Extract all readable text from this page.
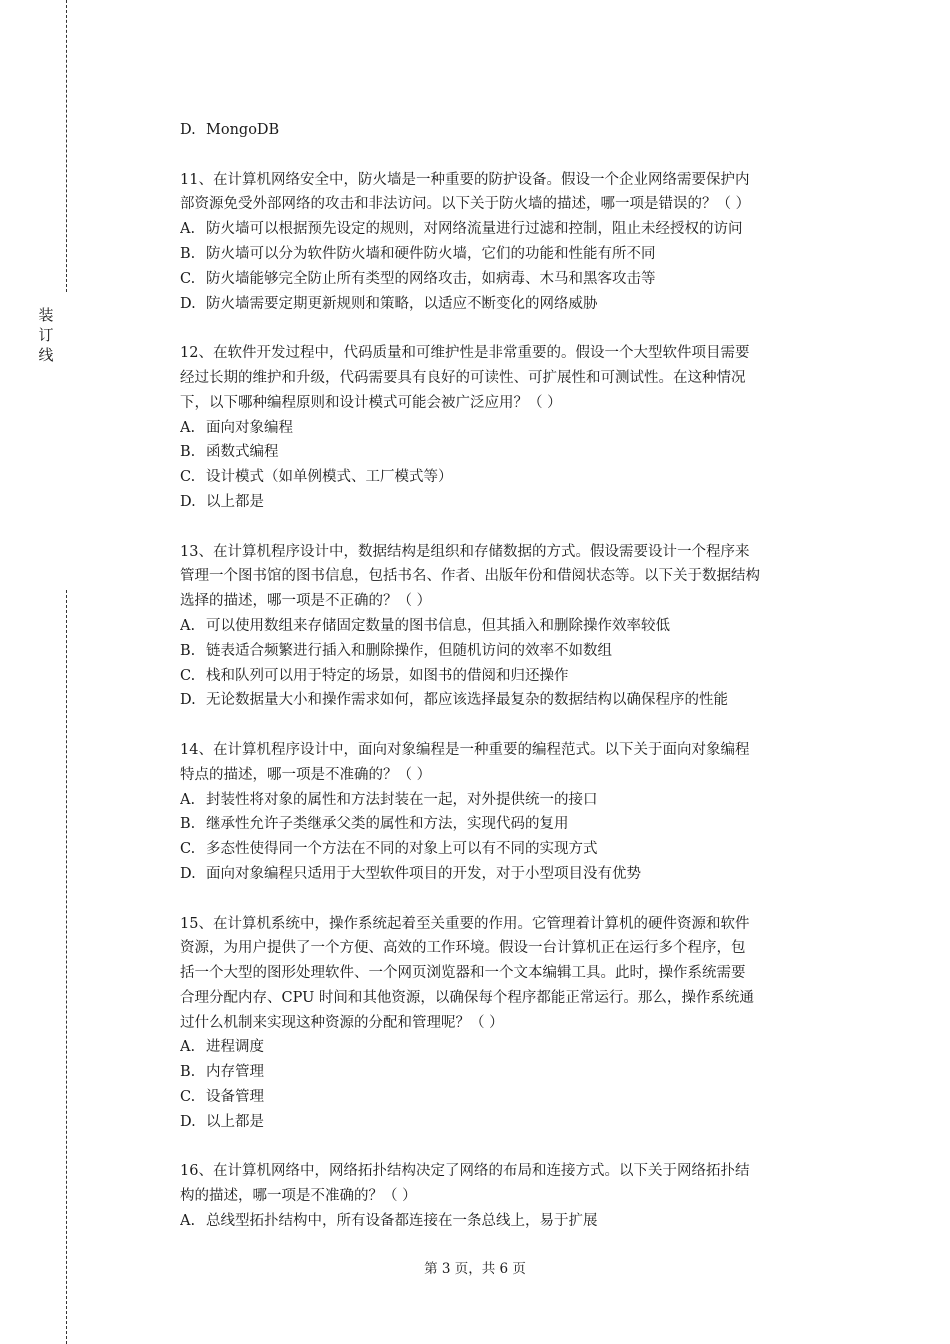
装
订
线
D. MongoDB
11、在计算机网络安全中，防火墙是一种重要的防护设备。假设一个企业网络需要保护内
部资源免受外部网络的攻击和非法访问。以下关于防火墙的描述，哪一项是错误的？（ ）
A. 防火墙可以根据预先设定的规则，对网络流量进行过滤和控制，阻止未经授权的访问
B. 防火墙可以分为软件防火墙和硬件防火墙，它们的功能和性能有所不同
C. 防火墙能够完全防止所有类型的网络攻击，如病毒、木马和黑客攻击等
D. 防火墙需要定期更新规则和策略，以适应不断变化的网络威胁
12、在软件开发过程中，代码质量和可维护性是非常重要的。假设一个大型软件项目需要
经过长期的维护和升级，代码需要具有良好的可读性、可扩展性和可测试性。在这种情况
下，以下哪种编程原则和设计模式可能会被广泛应用？（ ）
A. 面向对象编程
B. 函数式编程
C. 设计模式（如单例模式、工厂模式等）
D. 以上都是
13、在计算机程序设计中，数据结构是组织和存储数据的方式。假设需要设计一个程序来
管理一个图书馆的图书信息，包括书名、作者、出版年份和借阅状态等。以下关于数据结构
选择的描述，哪一项是不正确的？（ ）
A. 可以使用数组来存储固定数量的图书信息，但其插入和删除操作效率较低
B. 链表适合频繁进行插入和删除操作，但随机访问的效率不如数组
C. 栈和队列可以用于特定的场景，如图书的借阅和归还操作
D. 无论数据量大小和操作需求如何，都应该选择最复杂的数据结构以确保程序的性能
14、在计算机程序设计中，面向对象编程是一种重要的编程范式。以下关于面向对象编程
特点的描述，哪一项是不准确的？（ ）
A. 封装性将对象的属性和方法封装在一起，对外提供统一的接口
B. 继承性允许子类继承父类的属性和方法，实现代码的复用
C. 多态性使得同一个方法在不同的对象上可以有不同的实现方式
D. 面向对象编程只适用于大型软件项目的开发，对于小型项目没有优势
15、在计算机系统中，操作系统起着至关重要的作用。它管理着计算机的硬件资源和软件
资源，为用户提供了一个方便、高效的工作环境。假设一台计算机正在运行多个程序，包
括一个大型的图形处理软件、一个网页浏览器和一个文本编辑工具。此时，操作系统需要
合理分配内存、CPU 时间和其他资源，以确保每个程序都能正常运行。那么，操作系统通
过什么机制来实现这种资源的分配和管理呢？（ ）
A. 进程调度
B. 内存管理
C. 设备管理
D. 以上都是
16、在计算机网络中，网络拓扑结构决定了网络的布局和连接方式。以下关于网络拓扑结
构的描述，哪一项是不准确的？（ ）
A. 总线型拓扑结构中，所有设备都连接在一条总线上，易于扩展
第 3 页，共 6 页
